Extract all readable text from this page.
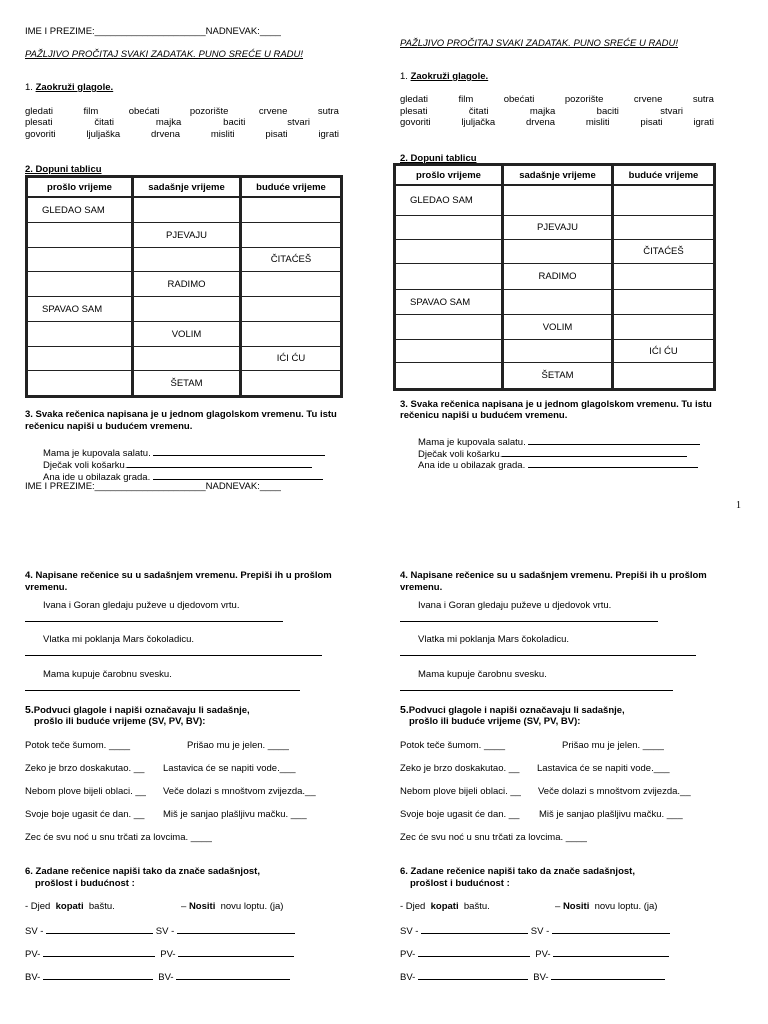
IME I PREZIME:_____________________NADNEVAK:____
PAŽLJIVO PROČITAJ SVAKI ZADATAK. PUNO SREĆE U RADU!
1. Zaokruži glagole.
gledati	film	obećati	pozorište	crvene	sutra
plesati	čitati	majka	baciti	stvari
govoriti	ljuljaška	drvena	misliti	pisati	igrati
2. Dopuni tablicu
prošlo vrijeme	sadašnje vrijeme	buduće vrijeme
GLEDAO SAM		
	PJEVAJU	
		ČITAĆEŠ
	RADIMO	
SPAVAO SAM		
	VOLIM	
		IĆI ĆU
	ŠETAM	
3. Svaka rečenica napisana je u jednom glagolskom vremenu. Tu istu
rečenicu napiši u budućem vremenu.
Mama je kupovala salatu.
Dječak voli košarku.
Ana ide u obilazak grada.
IME I PREZIME:_____________________NADNEVAK:____
4. Napisane rečenice su u sadašnjem vremenu. Prepiši ih u prošlom
vremenu.
Ivana i Goran gledaju puževe u djedovom vrtu.
Vlatka mi poklanja Mars čokoladicu.
Mama kupuje čarobnu svesku.
5.Podvuci glagole i napiši označavaju li sadašnje,
prošlo ili buduće vrijeme (SV, PV, BV):
Potok teče šumom. ____	Prišao mu je jelen. ____
Zeko je brzo doskakutao. __ Lastavica će se napiti vode.___
Nebom plove bijeli oblaci. __ Veče dolazi s mnoštvom zvijezda.__
Svoje boje ugasit će dan. __ Miš je sanjao plašljivu mačku. ___
Zec će svu noć u snu trčati za lovcima. ____
6. Zadane rečenice napiši tako da znače sadašnjost,
prošlost i budućnost :
- Djed kopati baštu.	– Nositi novu loptu. (ja)
SV -	SV -
PV-	PV-
BV-	BV-
PAŽLJIVO PROČITAJ SVAKI ZADATAK. PUNO SREĆE U RADU!
1. Zaokruži glagole.
gledati	film	obećati	pozorište	crvene	sutra
plesati	čitati	majka	baciti	stvari
govoriti	ljuljačka	drvena	misliti	pisati	igrati
2. Dopuni tablicu
prošlo vrijeme	sadašnje vrijeme	buduće vrijeme
GLEDAO SAM		
	PJEVAJU	
		ČITAĆEŠ
	RADIMO	
SPAVAO SAM		
	VOLIM	
		IĆI ĆU
	ŠETAM	
3. Svaka rečenica napisana je u jednom glagolskom vremenu. Tu istu
rečenicu napiši u budućem vremenu.
Mama je kupovala salatu.
Dječak voli košarku.
Ana ide u obilazak grada.
4. Napisane rečenice su u sadašnjem vremenu. Prepiši ih u prošlom
vremenu.
Ivana i Goran gledaju puževe u djedovok vrtu.
Vlatka mi poklanja Mars čokoladicu.
Mama kupuje čarobnu svesku.
5.Podvuci glagole i napiši označavaju li sadašnje,
prošlo ili buduće vrijeme (SV, PV, BV):
Potok teče šumom. ____	Prišao mu je jelen. ____
Zeko je brzo doskakutao. __ Lastavica će se napiti vode.___
Nebom plove bijeli oblaci. __ Veče dolazi s mnoštvom zvijezda.__
Svoje boje ugasit će dan. __ Miš je sanjao plašljivu mačku. ___
Zec će svu noć u snu trčati za lovcima. ____
6. Zadane rečenice napiši tako da znače sadašnjost,
prošlost i budućnost :
- Djed kopati baštu.	– Nositi novu loptu. (ja)
SV -	SV -
PV-	PV-
BV-	BV-
1
